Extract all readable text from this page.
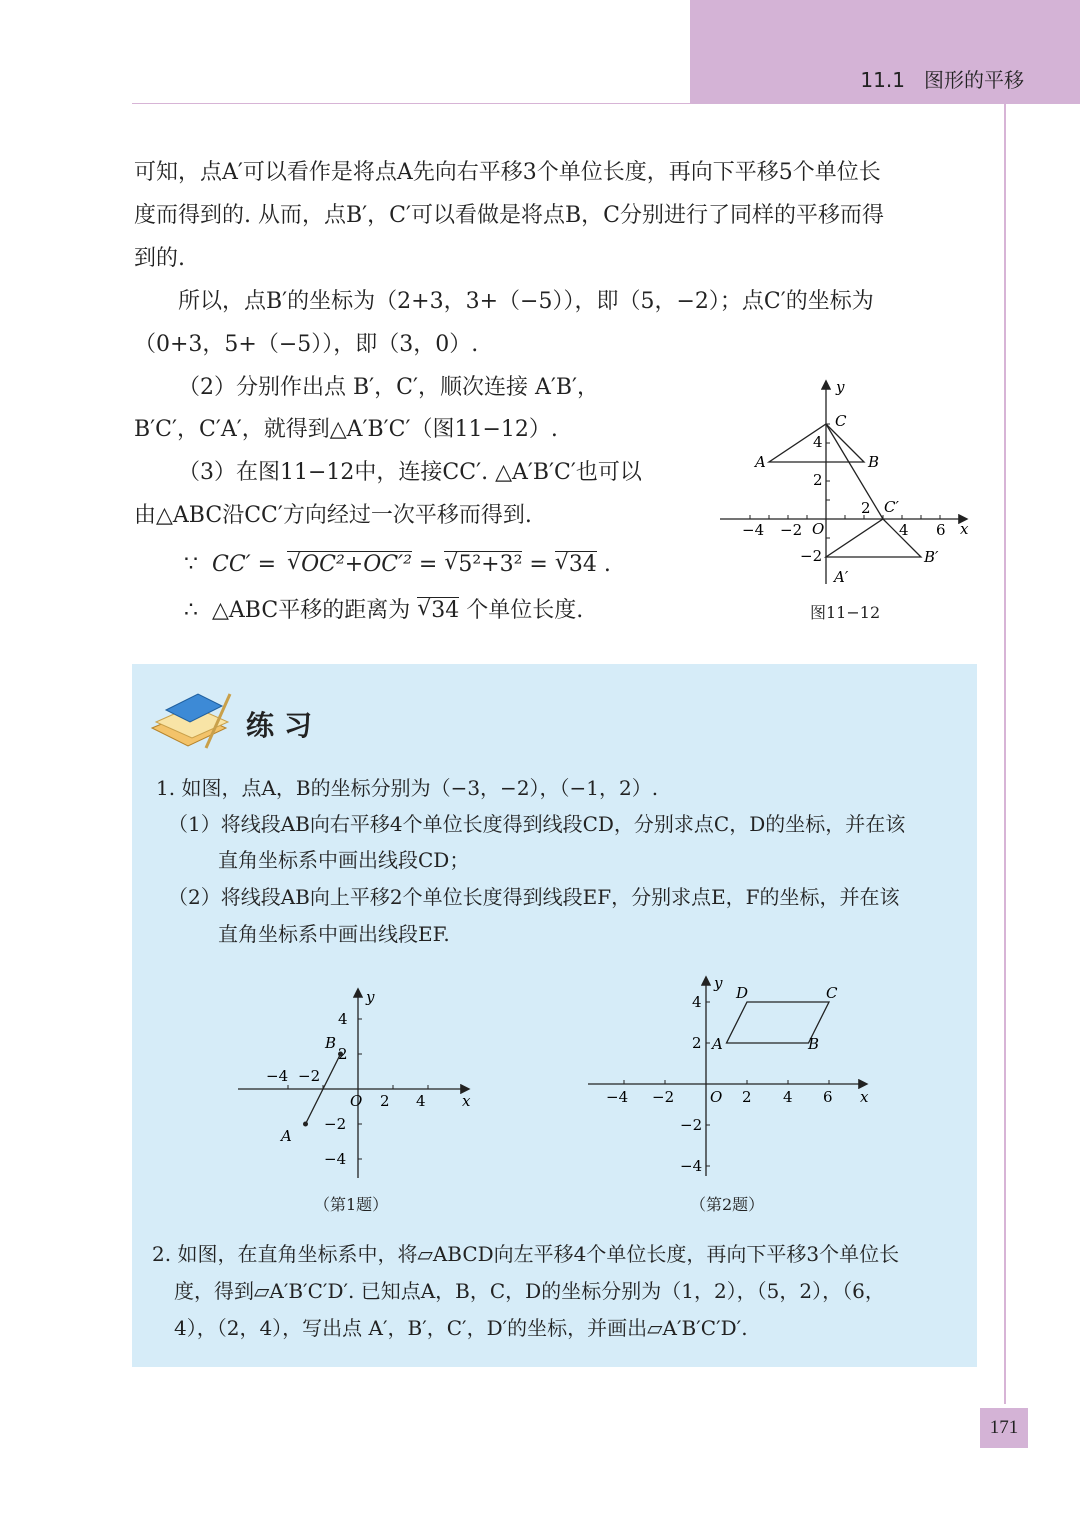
11.1 图形的平移
可知，点A′可以看作是将点A先向右平移3个单位长度，再向下平移5个单位长
度而得到的. 从而，点B′，C′可以看做是将点B，C分别进行了同样的平移而得
到的.
所以，点B′的坐标为（2+3，3+（−5）），即（5，−2）；点C′的坐标为
（0+3，5+（−5）），即（3，0）.
（2）分别作出点 B′，C′，顺次连接 A′B′，
B′C′，C′A′，就得到△A′B′C′（图11−12）.
（3）在图11−12中，连接CC′. △A′B′C′也可以
由△ABC沿CC′方向经过一次平移而得到.
∵ CC′ = √ OC²+OC′² = √ 5²+3² = √ 34 .
∴ △ABC平移的距离为 √ 34 个单位长度.
x
y
O
−4 −2
2
4 6
4
2
−2
A	B
C
A′
B′
C′
图11−12
练习
1. 如图，点A，B的坐标分别为（−3，−2），（−1，2）.
（1）将线段AB向右平移4个单位长度得到线段CD，分别求点C，D的坐标，并在该
直角坐标系中画出线段CD；
（2）将线段AB向上平移2个单位长度得到线段EF，分别求点E，F的坐标，并在该
直角坐标系中画出线段EF.
x
y
O
−4 −2
2 4
4
2
−2
−4
A
B
（第1题）
x
y
O
−4 −2	2 4 6
4
2
−2
−4
A	B
C
D
（第2题）
2. 如图，在直角坐标系中，将▱ABCD向左平移4个单位长度，再向下平移3个单位长
度，得到▱A′B′C′D′. 已知点A，B，C，D的坐标分别为（1，2），（5，2），（6，
4），（2，4），写出点 A′，B′，C′，D′的坐标，并画出▱A′B′C′D′.
171
